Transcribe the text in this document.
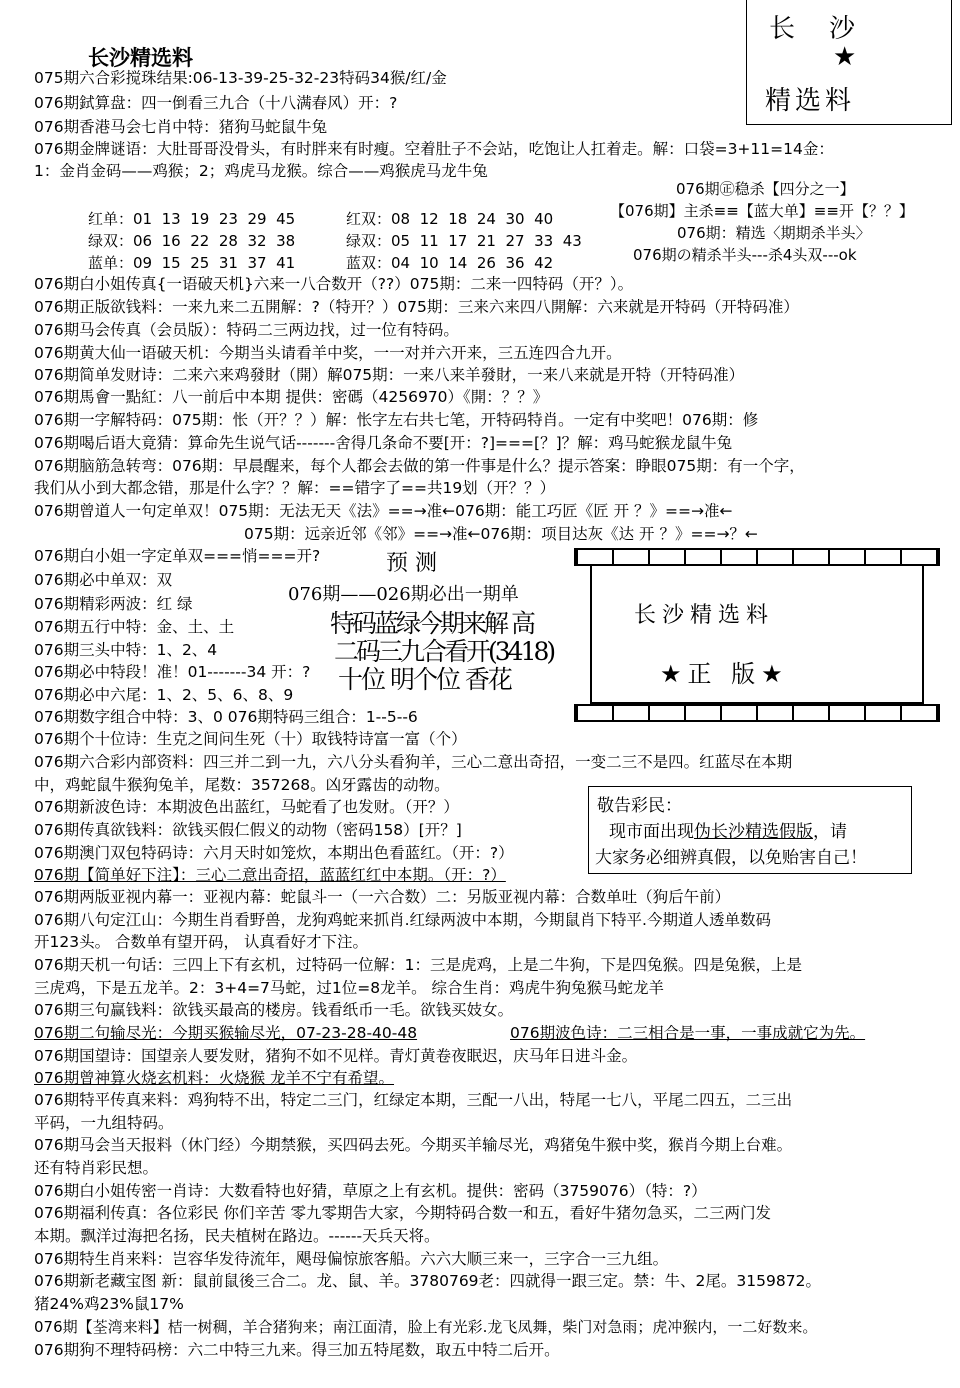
长沙精选料
长沙
★
精选料
075期六合彩搅珠结果:06-13-39-25-32-23特码34猴/红/金
076期鉽算盘：四一倒看三九合（十八满春风）开：?
076期香港马会七肖中特：猪狗马蛇鼠牛兔
076期金牌谜语：大肚哥哥没骨头，有时胖来有时瘦。空着肚子不会站，吃饱让人扛着走。解：口袋=3+11=14金：
1：金肖金码——鸡猴；2；鸡虎马龙猴。综合——鸡猴虎马龙牛兔
076期㊣稳杀【四分之一】
【076期】主杀≡≡【蓝大单】≡≡开【？？】
076期：精选〈期期杀半头〉
076期の精杀半头---杀4头双---ok
红单：01  13  19  23  29  45	红双：08  12  18  24  30  40
绿双：06  16  22  28  32  38	绿双：05  11  17  21  27  33  43
蓝单：09  15  25  31  37  41	蓝双：04  10  14  26  36  42
076期白小姐传真{一语破天机}六来一八合数开（??）075期：二来一四特码（开？）。
076期正版欲钱料：一来九来二五開解：?（特开？）075期：三来六来四八開解：六来就是开特码（开特码准）
076期马会传真（会员版）：特码二三两边找，过一位有特码。
076期黄大仙一语破天机：今期当头请看羊中奖，一一对并六开来，三五连四合九开。
076期简单发财诗：二来六来鸡發財（開）解075期：一来八来羊發財，一来八来就是开特（开特码准）
076期馬會一點紅：八一前后中本期 提供：密碼（4256970）《開：？？》
076期一字解特码：075期：怅（开？？）解：怅字左右共七笔，开特码特肖。一定有中奖吧！076期：修
076期喝后语大竟猜：算命先生说气话-------舍得几条命不要[开：?]===[？]？解：鸡马蛇猴龙鼠牛兔
076期脑筋急转弯：076期：早晨醒来，每个人都会去做的第一件事是什么？提示答案：睁眼075期：有一个字，
我们从小到大都念错，那是什么字？？解：==错字了==共19划（开？？）
076期曾道人一句定单双！075期：无法无天《法》==→准←076期：能工巧匠《匠 开 ？》==→准←
075期：远亲近邻《邻》==→准←076期：项目达灰《达 开 ？》==→？←
076期白小姐一字定单双===悄===开?
076期必中单双：双
076期精彩两波：红 绿
076期五行中特：金、土、土
076期三头中特：1、2、4
076期必中特段！准！01-------34 开：?
076期必中六尾：1、2、5、6、8、9
076期数字组合中特：3、0 076期特码三组合：1--5--6
076期个十位诗：生克之间问生死（十）取钱特诗富一富（个）
预 测
076期——026期必出一期单
特码蓝绿今期来解 高
二码三九合看开(3418)
十位 明个位 香花
长沙精选料
★正 版★
076期六合彩内部资料：四三并二到一九，六八分头看狗羊，三心二意出奇招，一变二三不是四。红蓝尽在本期
中，鸡蛇鼠牛猴狗兔羊，尾数：357268。凶牙露齿的动物。
076期新波色诗：本期波色出蓝红，马蛇看了也发财。（开？）
076期传真欲钱料：欲钱买假仁假义的动物（密码158）[开？]
076期澳门双包特码诗：六月天时如笼炊，本期出色看蓝红。（开：?）
敬告彩民：
现市面出现伪长沙精选假版，请
大家务必细辨真假，以免贻害自己！
076期【简单好下注】：三心二意出奇招，蓝蓝红红中本期。（开：?）
076期两版亚视内幕一：亚视内幕：蛇鼠斗一（一六合数）二：另版亚视内幕：合数单吐（狗后午前）
076期八句定江山：今期生肖看野兽，龙狗鸡蛇来抓肖.红绿两波中本期，今期鼠肖下特平.今期道人透单数码
开123头。 合数单有望开码， 认真看好才下注。
076期天机一句话：三四上下有玄机，过特码一位解：1：三是虎鸡，上是二牛狗，下是四兔猴。四是兔猴，上是
三虎鸡，下是五龙羊。2：3+4=7马蛇，过1位=8龙羊。 综合生肖：鸡虎牛狗兔猴马蛇龙羊
076期三句赢钱料：欲钱买最高的楼房。钱看纸币一毛。欲钱买妓女。
076期二句输尽光：今期买猴输尽光，07-23-28-40-48	076期波色诗：二三相合是一事，一事成就它为先。
076期国望诗：国望亲人要发财，猪狗不如不见样。青灯黄卷夜眠迟，庆马年日进斗金。
076期曾神算火烧玄机料：火烧猴 龙羊不宁有希望。
076期特平传真来料：鸡狗特不出，特定二三门，红绿定本期，三配一八出，特尾一七八，平尾二四五，二三出
平码，一九组特码。
076期马会当天报料（休门经）今期禁猴，买四码去死。今期买羊输尽光，鸡猪兔牛猴中奖，猴肖今期上台难。
还有特肖彩民想。
076期白小姐传密一肖诗：大数看特也好猜，草原之上有玄机。提供：密码（3759076）（特：?）
076期福利传真：各位彩民 你们辛苦 零九零期告大家，今期特码合数一和五，看好牛猪勿急买，二三两门发
本期。飘洋过海把名扬，民夫植树在路边。------天兵天将。
076期特生肖来料：岂容华发待流年，飓母偏惊旅客船。六六大顺三来一，三字合一三九组。
076期新老藏宝图 新：鼠前鼠後三合二。龙、鼠、羊。3780769老：四就得一跟三定。禁：牛、2尾。3159872。
猪24%鸡23%鼠17%
076期【荃湾来料】桔一树稠，羊合猪狗来；南江面清，脸上有光彩.龙飞凤舞，柴门对急雨；虎冲猴内，一二好数来。
076期狗不理特码榜：六二中特三九来。得三加五特尾数，取五中特二后开。
